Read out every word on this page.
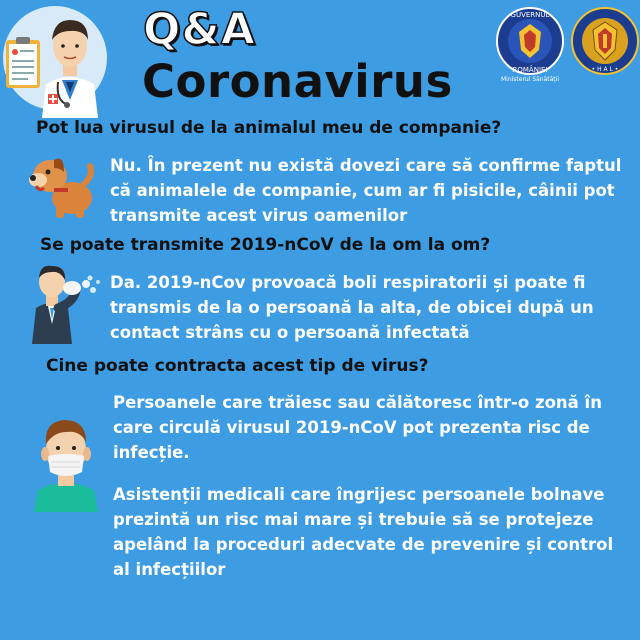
Q&A
Coronavirus
GUVERNUL
ROMÂNIEI
Ministerul Sănătății
• H A L •
Pot lua virusul de la animalul meu de companie?
Nu. În prezent nu există dovezi care să confirme faptul
că animalele de companie, cum ar fi pisicile, câinii pot
transmite acest virus oamenilor
Se poate transmite 2019-nCoV de la om la om?
Da. 2019-nCov provoacă boli respiratorii și poate fi
transmis de la o persoană la alta, de obicei după un
contact strâns cu o persoană infectată
Cine poate contracta acest tip de virus?
Persoanele care trăiesc sau călătoresc într-o zonă în
care circulă virusul 2019-nCoV pot prezenta risc de
infecție.
Asistenții medicali care îngrijesc persoanele bolnave
prezintă un risc mai mare și trebuie să se protejeze
apelând la proceduri adecvate de prevenire și control
al infecțiilor
